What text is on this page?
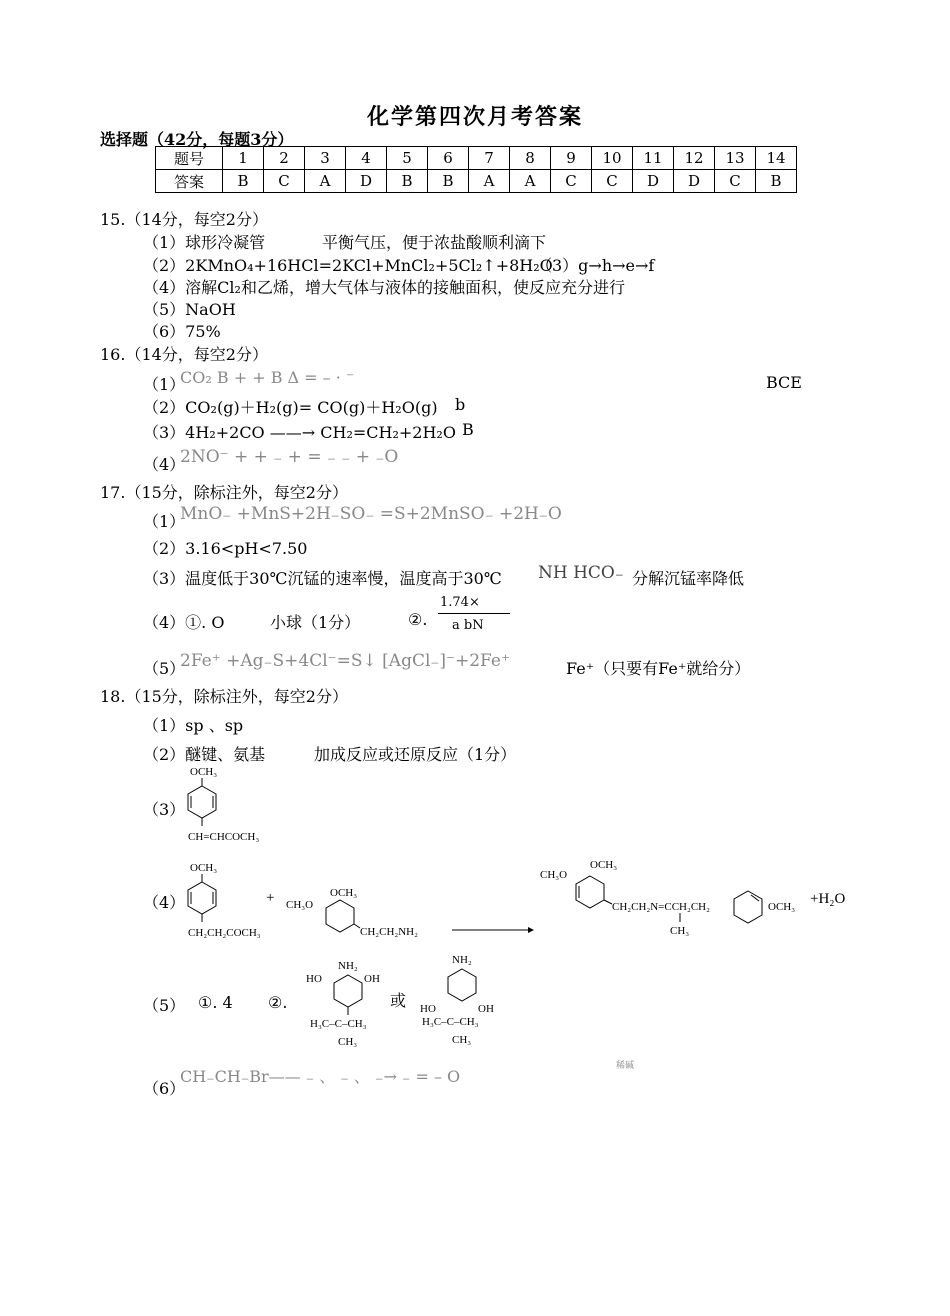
化学第四次月考答案
选择题（42分，每题3分）
题号	1	2	3	4	5	6	7	8	9	10	11	12	13	14
答案	B	C	A	D	B	B	A	A	C	C	D	D	C	B
15.（14分，每空2分）
（1）球形冷凝管	平衡气压，便于浓盐酸顺利滴下
（2）2KMnO₄+16HCl=2KCl+MnCl₂+5Cl₂↑+8H₂O
（3）g→h→e→f
（4）溶解Cl₂和乙烯，增大气体与液体的接触面积，使反应充分进行
（5）NaOH
（6）75%
16.（14分，每空2分）
（1）
CO₂ B + + B Δ = – · ⁻	BCE
（2）CO₂(g)＋H₂(g)= CO(g)＋H₂O(g) b
（3）4H₂+2CO ——→ CH₂=CH₂+2H₂O B
（4）
2NO⁻ + + ₋ + = ₋ ₋ + ₋O
17.（15分，除标注外，每空2分）
（1）
MnO₋ +MnS+2H₋SO₋ =S+2MnSO₋ +2H₋O
（2）3.16<pH<7.50
（3）温度低于30℃沉锰的速率慢，温度高于30℃ NH HCO₋ 分解沉锰率降低
（4）①. O	小球（1分）	②.
1.74×
a bN
（5）
2Fe⁺ +Ag₋S+4Cl⁻=S↓ [AgCl₋]⁻+2Fe⁺	Fe⁺（只要有Fe⁺就给分）
18.（15分，除标注外，每空2分）
（1）sp 、sp
（2）醚键、氨基	加成反应或还原反应（1分）
（3）
OCH₃
CH=CHCOCH₃
（4）
OCH₃
CH₂CH₂COCH₃
+	OCH₃
CH₃O
CH₂CH₂NH₂
OCH₃
CH₃O
CH₂CH₂N=CCH₂CH₂
CH₃
OCH₃ +H₂O
（5） ①. 4 ②.
NH₂
HO	OH
H₃C–C–CH₃
CH₃
或
NH₂
HO	OH
H₃C–C–CH₃
CH₃
（6）
CH₋CH₋Br—— ₋ 、 ₋ 、 ₋→ ₋ = – O
稀碱
